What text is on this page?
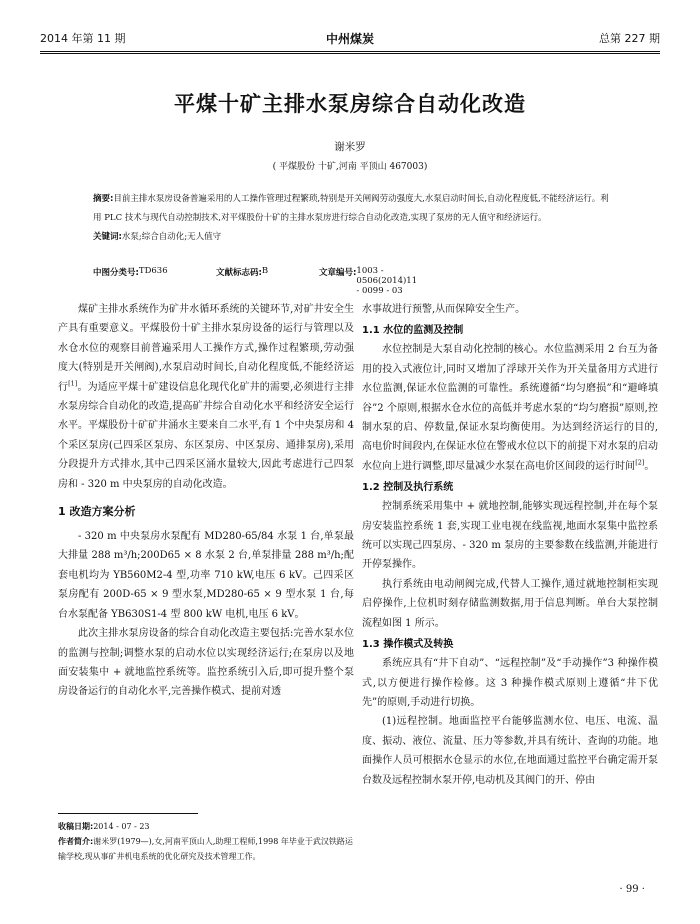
2014 年第 11 期	中州煤炭	总第 227 期
平煤十矿主排水泵房综合自动化改造
谢米罗
( 平煤股份 十矿,河南 平顶山 467003)
摘要:目前主排水泵房设备普遍采用的人工操作管理过程繁琐,特别是开关闸阀劳动强度大,水泵启动时间长,自动化程度低,不能经济运行。利用 PLC 技术与现代自动控制技术,对平煤股份十矿的主排水泵房进行综合自动化改造,实现了泵房的无人值守和经济运行。
关键词:水泵;综合自动化;无人值守
中图分类号: TD636	文献标志码: B	文章编号: 1003 - 0506(2014)11 - 0099 - 03

煤矿主排水系统作为矿井水循环系统的关键环节,对矿井安全生产具有重要意义。平煤股份十矿主排水泵房设备的运行与管理以及水仓水位的观察目前普遍采用人工操作方式,操作过程繁琐,劳动强度大(特别是开关闸阀),水泵启动时间长,自动化程度低,不能经济运行[1]。为适应平煤十矿建设信息化现代化矿井的需要,必须进行主排水泵房综合自动化的改造,提高矿井综合自动化水平和经济安全运行水平。平煤股份十矿矿井涌水主要来自二水平,有 1 个中央泵房和 4 个采区泵房(己四采区泵房、东区泵房、中区泵房、通排泵房),采用分段提升方式排水,其中己四采区涌水量较大,因此考虑进行己四泵房和 - 320 m 中央泵房的自动化改造。

1 改造方案分析

- 320 m 中央泵房水泵配有 MD280-65/84 水泵 1 台,单泵最大排量 288 m³/h;200D65 × 8 水泵 2 台,单泵排量 288 m³/h;配套电机均为 YB560M2-4 型,功率 710 kW,电压 6 kV。己四采区泵房配有 200D-65 × 9 型水泵,MD280-65 × 9 型水泵 1 台,每台水泵配备 YB630S1-4 型 800 kW 电机,电压 6 kV。

此次主排水泵房设备的综合自动化改造主要包括:完善水泵水位的监测与控制;调整水泵的启动水位以实现经济运行;在泵房以及地面安装集中 + 就地监控系统等。监控系统引入后,即可提升整个泵房设备运行的自动化水平,完善操作模式、提前对透

水事故进行预警,从而保障安全生产。

1.1 水位的监测及控制

水位控制是大泵自动化控制的核心。水位监测采用 2 台互为备用的投入式液位计,同时又增加了浮球开关作为开关量备用方式进行水位监测,保证水位监测的可靠性。系统遵循“均匀磨损”和“避峰填谷”2 个原则,根据水仓水位的高低并考虑水泵的“均匀磨损”原则,控制水泵的启、停数量,保证水泵均衡使用。为达到经济运行的目的,高电价时间段内,在保证水位在警戒水位以下的前提下对水泵的启动水位向上进行调整,即尽量减少水泵在高电价区间段的运行时间[2]。

1.2 控制及执行系统

控制系统采用集中 + 就地控制,能够实现远程控制,并在每个泵房安装监控系统 1 套,实现工业电视在线监视,地面水泵集中监控系统可以实现己四泵房、- 320 m 泵房的主要参数在线监测,并能进行开停泵操作。

执行系统由电动闸阀完成,代替人工操作,通过就地控制柜实现启停操作,上位机时刻存储监测数据,用于信息判断。单台大泵控制流程如图 1 所示。

1.3 操作模式及转换

系统应具有“井下自动”、“远程控制”及“手动操作”3 种操作模式,以方便进行操作检修。这 3 种操作模式原则上遵循“井下优先”的原则,手动进行切换。

(1)远程控制。地面监控平台能够监测水位、电压、电流、温度、振动、液位、流量、压力等参数,并具有统计、查询的功能。地面操作人员可根据水仓显示的水位,在地面通过监控平台确定需开泵台数及远程控制水泵开停,电动机及其阀门的开、停由

收稿日期:2014 - 07 - 23
作者简介:谢米罗(1979—),女,河南平顶山人,助理工程师,1998 年毕业于武汉铁路运输学校,现从事矿井机电系统的优化研究及技术管理工作。
· 99 ·
